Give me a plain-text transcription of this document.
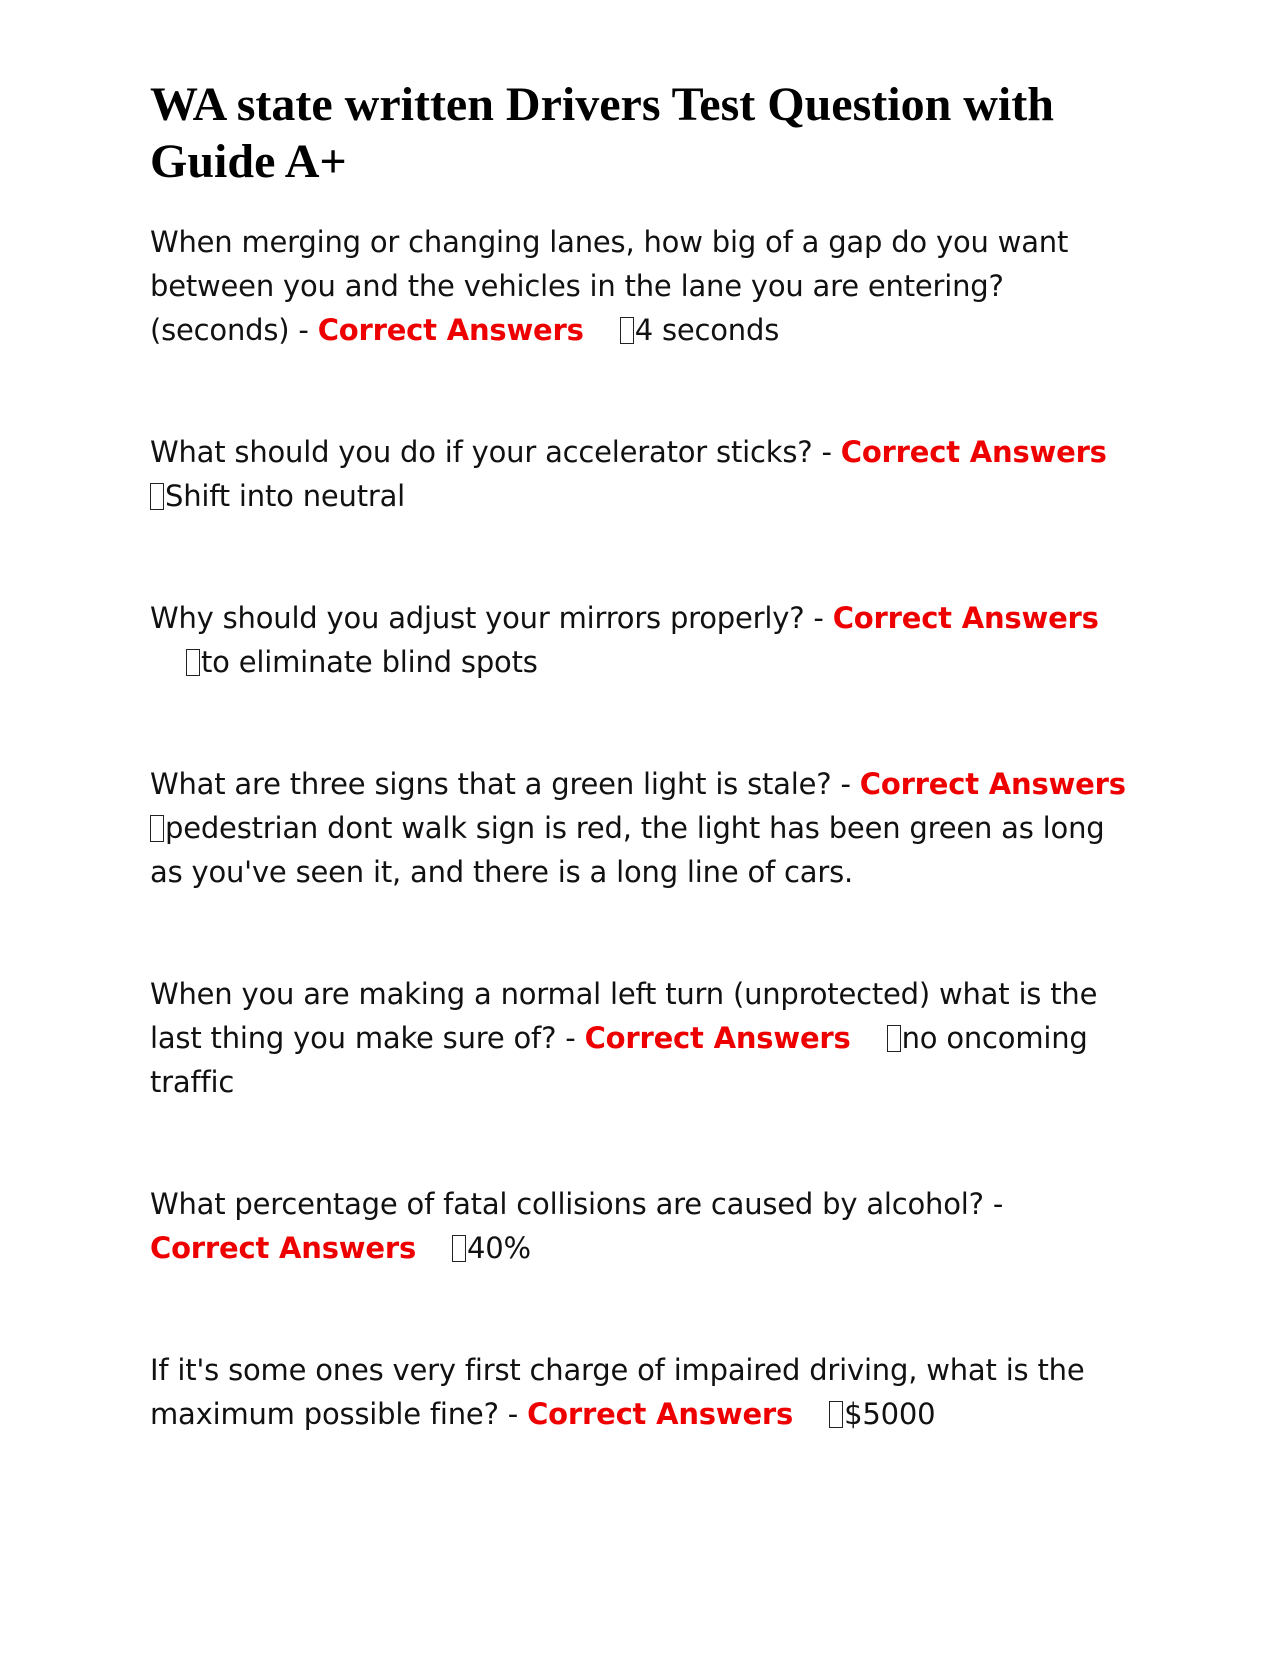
WA state written Drivers Test Question with Guide A+

When merging or changing lanes, how big of a gap do you want between you and the vehicles in the lane you are entering? (seconds) - Correct Answers 4 seconds

What should you do if your accelerator sticks? - Correct Answers
Shift into neutral

Why should you adjust your mirrors properly? - Correct Answersto eliminate blind spots

What are three signs that a green light is stale? - Correct Answers
pedestrian dont walk sign is red, the light has been green as long as you've seen it, and there is a long line of cars.

When you are making a normal left turn (unprotected) what is the last thing you make sure of? - Correct Answers no oncoming traffic

What percentage of fatal collisions are caused by alcohol? - Correct Answers 40%

If it's some ones very first charge of impaired driving, what is the maximum possible fine? - Correct Answers $5000
